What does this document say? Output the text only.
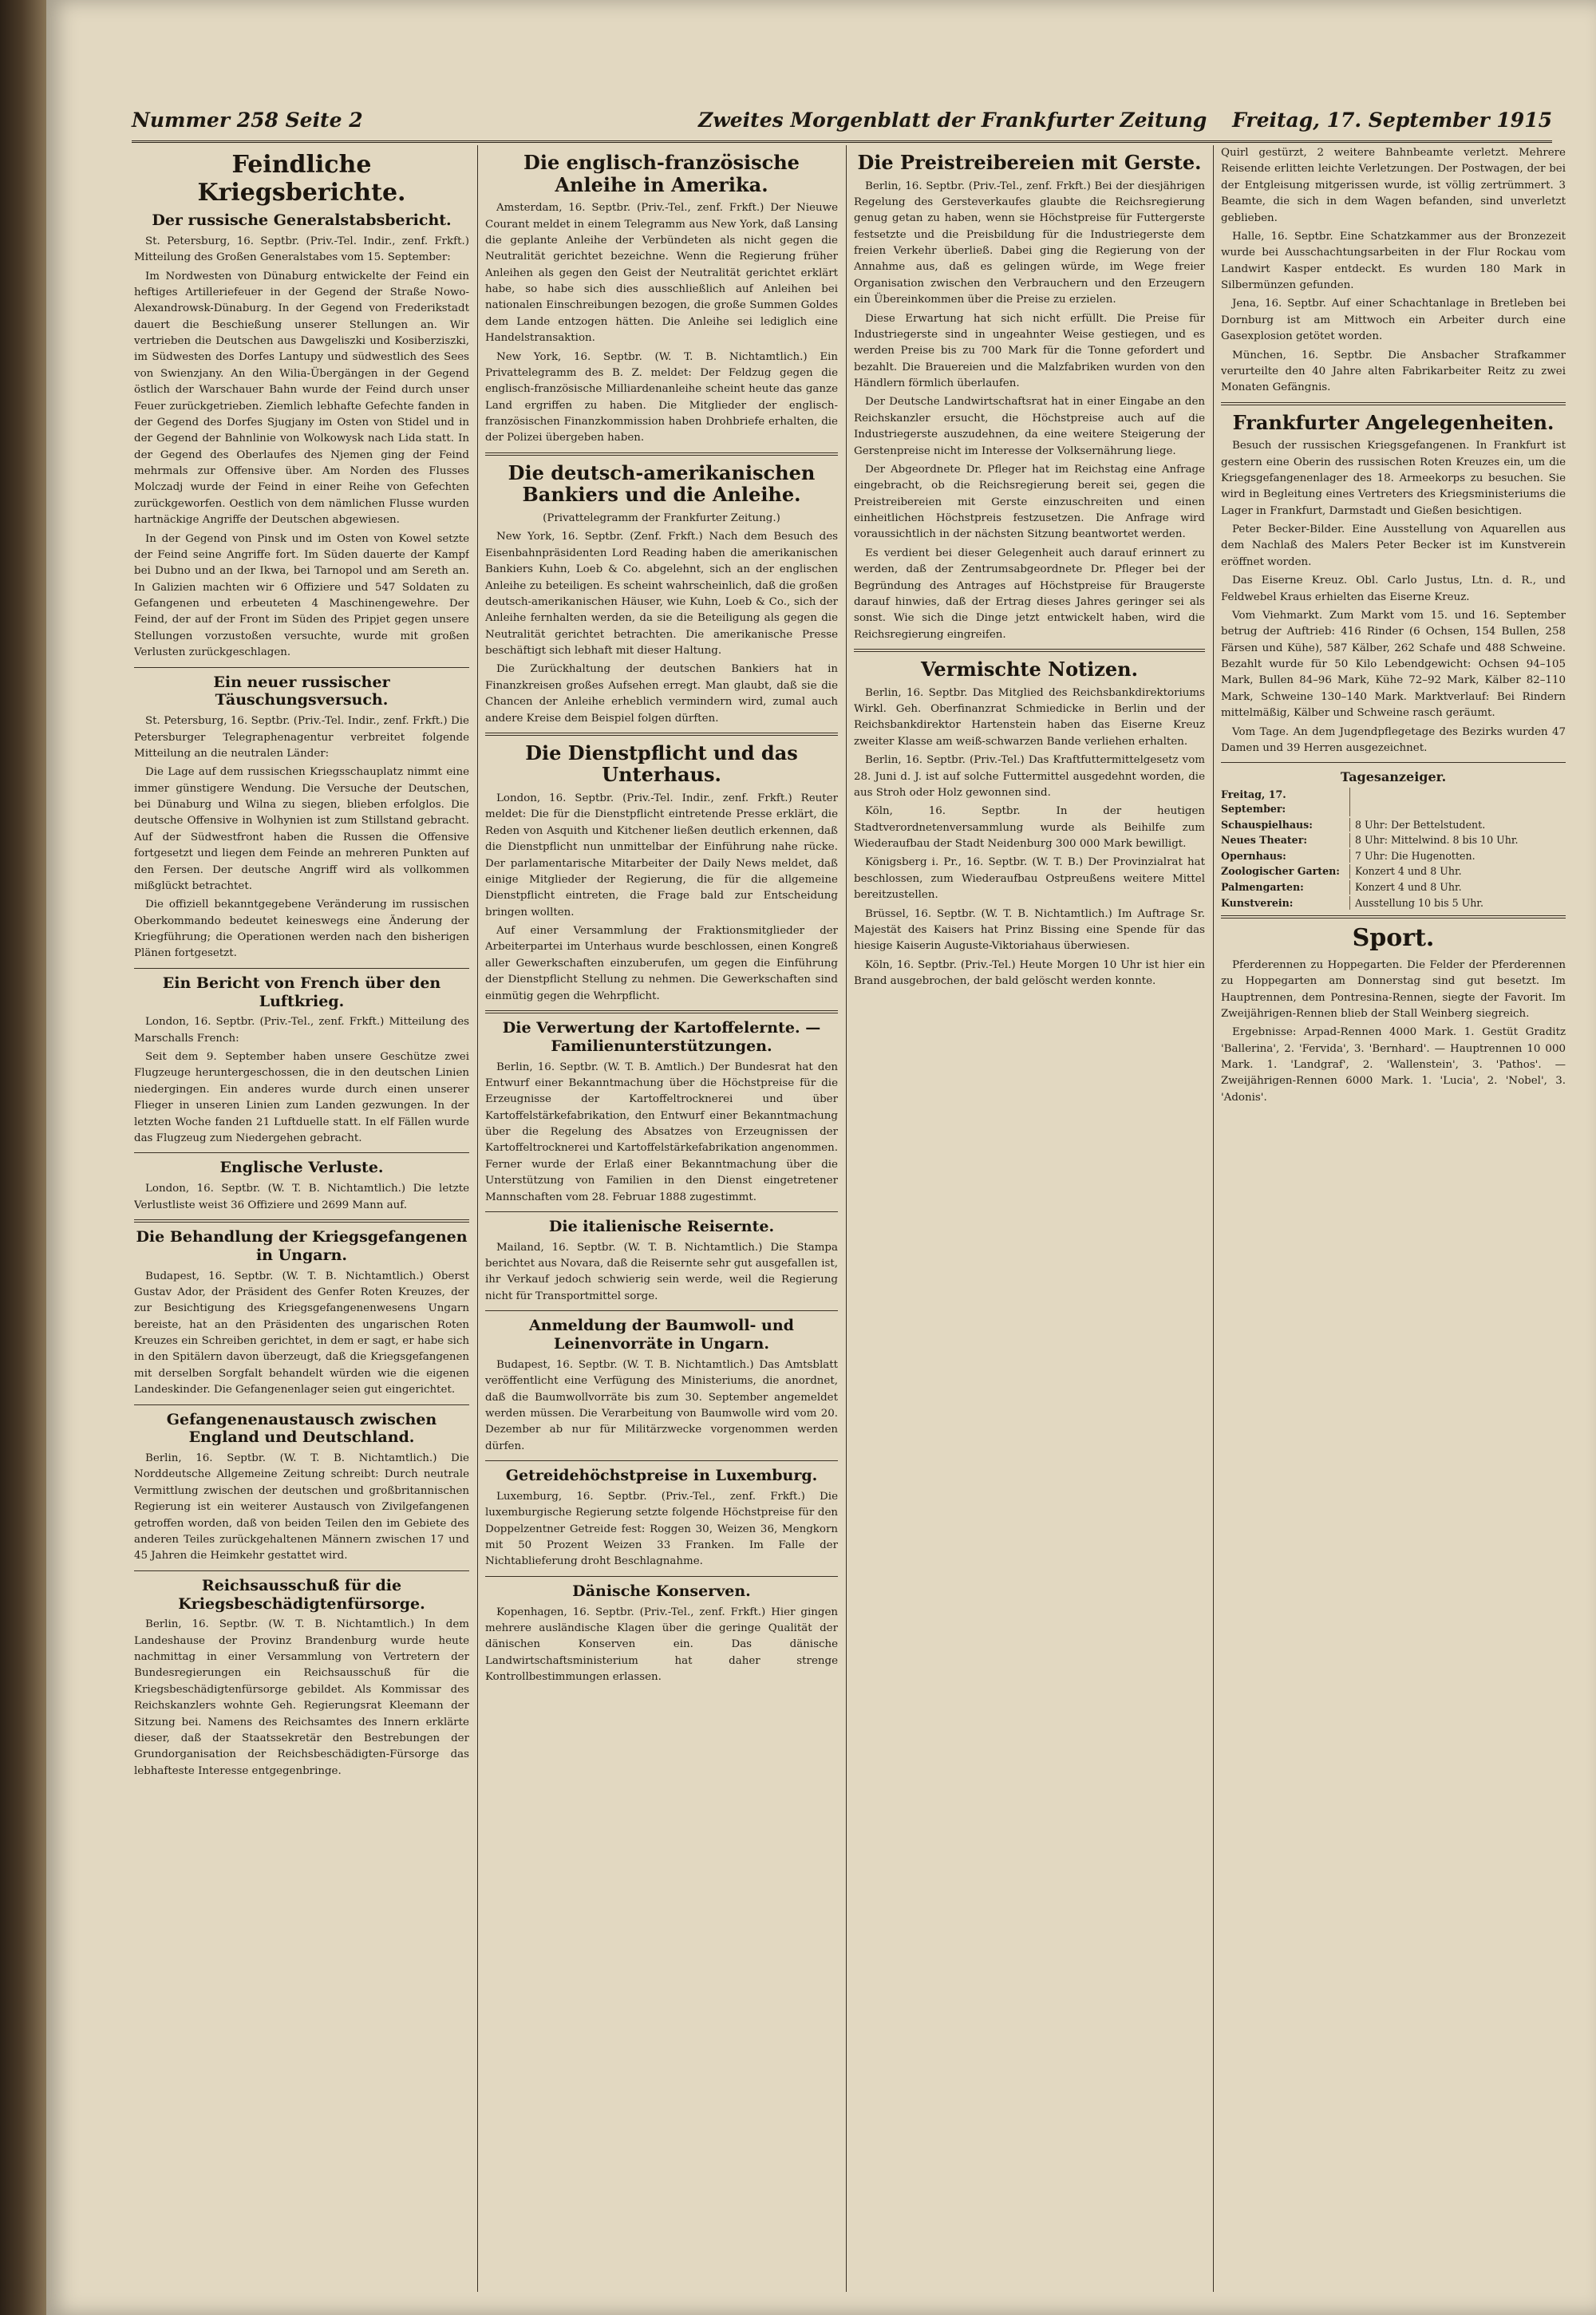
Nummer 258 Seite 2	Zweites Morgenblatt der Frankfurter Zeitung Freitag, 17. September 1915
Feindliche Kriegsberichte.
Der russische Generalstabsbericht.

St. Petersburg, 16. Septbr. (Priv.-Tel. Indir., zenf. Frkft.) Mitteilung des Großen Generalstabes vom 15. September:

Im Nordwesten von Dünaburg entwickelte der Feind ein heftiges Artilleriefeuer in der Gegend der Straße Nowo-Alexandrowsk-Dünaburg. In der Gegend von Frederikstadt dauert die Beschießung unserer Stellungen an. Wir vertrieben die Deutschen aus Dawgeliszki und Kosiberziszki, im Südwesten des Dorfes Lantupy und südwestlich des Sees von Swienzjany. An den Wilia-Übergängen in der Gegend östlich der Warschauer Bahn wurde der Feind durch unser Feuer zurückgetrieben. Ziemlich lebhafte Gefechte fanden in der Gegend des Dorfes Sjugjany im Osten von Stidel und in der Gegend der Bahnlinie von Wolkowysk nach Lida statt. In der Gegend des Oberlaufes des Njemen ging der Feind mehrmals zur Offensive über. Am Norden des Flusses Molczadj wurde der Feind in einer Reihe von Gefechten zurückgeworfen. Oestlich von dem nämlichen Flusse wurden hartnäckige Angriffe der Deutschen abgewiesen.

In der Gegend von Pinsk und im Osten von Kowel setzte der Feind seine Angriffe fort. Im Süden dauerte der Kampf bei Dubno und an der Ikwa, bei Tarnopol und am Sereth an. In Galizien machten wir 6 Offiziere und 547 Soldaten zu Gefangenen und erbeuteten 4 Maschinengewehre. Der Feind, der auf der Front im Süden des Pripjet gegen unsere Stellungen vorzustoßen versuchte, wurde mit großen Verlusten zurückgeschlagen.

Ein neuer russischer Täuschungsversuch.

St. Petersburg, 16. Septbr. (Priv.-Tel. Indir., zenf. Frkft.) Die Petersburger Telegraphenagentur verbreitet folgende Mitteilung an die neutralen Länder:

Die Lage auf dem russischen Kriegsschauplatz nimmt eine immer günstigere Wendung. Die Versuche der Deutschen, bei Dünaburg und Wilna zu siegen, blieben erfolglos. Die deutsche Offensive in Wolhynien ist zum Stillstand gebracht. Auf der Südwestfront haben die Russen die Offensive fortgesetzt und liegen dem Feinde an mehreren Punkten auf den Fersen. Der deutsche Angriff wird als vollkommen mißglückt betrachtet.

Die offiziell bekanntgegebene Veränderung im russischen Oberkommando bedeutet keineswegs eine Änderung der Kriegführung; die Operationen werden nach den bisherigen Plänen fortgesetzt.

Ein Bericht von French über den Luftkrieg.

London, 16. Septbr. (Priv.-Tel., zenf. Frkft.) Mitteilung des Marschalls French:

Seit dem 9. September haben unsere Geschütze zwei Flugzeuge heruntergeschossen, die in den deutschen Linien niedergingen. Ein anderes wurde durch einen unserer Flieger in unseren Linien zum Landen gezwungen. In der letzten Woche fanden 21 Luftduelle statt. In elf Fällen wurde das Flugzeug zum Niedergehen gebracht.

Englische Verluste.

London, 16. Septbr. (W. T. B. Nichtamtlich.) Die letzte Verlustliste weist 36 Offiziere und 2699 Mann auf.

Die Behandlung der Kriegsgefangenen in Ungarn.

Budapest, 16. Septbr. (W. T. B. Nichtamtlich.) Oberst Gustav Ador, der Präsident des Genfer Roten Kreuzes, der zur Besichtigung des Kriegsgefangenenwesens Ungarn bereiste, hat an den Präsidenten des ungarischen Roten Kreuzes ein Schreiben gerichtet, in dem er sagt, er habe sich in den Spitälern davon überzeugt, daß die Kriegsgefangenen mit derselben Sorgfalt behandelt würden wie die eigenen Landeskinder. Die Gefangenenlager seien gut eingerichtet.

Gefangenenaustausch zwischen England und Deutschland.

Berlin, 16. Septbr. (W. T. B. Nichtamtlich.) Die Norddeutsche Allgemeine Zeitung schreibt: Durch neutrale Vermittlung zwischen der deutschen und großbritannischen Regierung ist ein weiterer Austausch von Zivilgefangenen getroffen worden, daß von beiden Teilen den im Gebiete des anderen Teiles zurückgehaltenen Männern zwischen 17 und 45 Jahren die Heimkehr gestattet wird.

Reichsausschuß für die Kriegsbeschädigtenfürsorge.

Berlin, 16. Septbr. (W. T. B. Nichtamtlich.) In dem Landeshause der Provinz Brandenburg wurde heute nachmittag in einer Versammlung von Vertretern der Bundesregierungen ein Reichsausschuß für die Kriegsbeschädigtenfürsorge gebildet. Als Kommissar des Reichskanzlers wohnte Geh. Regierungsrat Kleemann der Sitzung bei. Namens des Reichsamtes des Innern erklärte dieser, daß der Staatssekretär den Bestrebungen der Grundorganisation der Reichsbeschädigten-Fürsorge das lebhafteste Interesse entgegenbringe.

Die englisch-französische Anleihe in Amerika.

Amsterdam, 16. Septbr. (Priv.-Tel., zenf. Frkft.) Der Nieuwe Courant meldet in einem Telegramm aus New York, daß Lansing die geplante Anleihe der Verbündeten als nicht gegen die Neutralität gerichtet bezeichne. Wenn die Regierung früher Anleihen als gegen den Geist der Neutralität gerichtet erklärt habe, so habe sich dies ausschließlich auf Anleihen bei nationalen Einschreibungen bezogen, die große Summen Goldes dem Lande entzogen hätten. Die Anleihe sei lediglich eine Handelstransaktion.

New York, 16. Septbr. (W. T. B. Nichtamtlich.) Ein Privattelegramm des B. Z. meldet: Der Feldzug gegen die englisch-französische Milliardenanleihe scheint heute das ganze Land ergriffen zu haben. Die Mitglieder der englisch-französischen Finanzkommission haben Drohbriefe erhalten, die der Polizei übergeben haben.

Die deutsch-amerikanischen Bankiers und die Anleihe.

(Privattelegramm der Frankfurter Zeitung.)

New York, 16. Septbr. (Zenf. Frkft.) Nach dem Besuch des Eisenbahnpräsidenten Lord Reading haben die amerikanischen Bankiers Kuhn, Loeb & Co. abgelehnt, sich an der englischen Anleihe zu beteiligen. Es scheint wahrscheinlich, daß die großen deutsch-amerikanischen Häuser, wie Kuhn, Loeb & Co., sich der Anleihe fernhalten werden, da sie die Beteiligung als gegen die Neutralität gerichtet betrachten. Die amerikanische Presse beschäftigt sich lebhaft mit dieser Haltung.

Die Zurückhaltung der deutschen Bankiers hat in Finanzkreisen großes Aufsehen erregt. Man glaubt, daß sie die Chancen der Anleihe erheblich vermindern wird, zumal auch andere Kreise dem Beispiel folgen dürften.

Die Dienstpflicht und das Unterhaus.

London, 16. Septbr. (Priv.-Tel. Indir., zenf. Frkft.) Reuter meldet: Die für die Dienstpflicht eintretende Presse erklärt, die Reden von Asquith und Kitchener ließen deutlich erkennen, daß die Dienstpflicht nun unmittelbar der Einführung nahe rücke. Der parlamentarische Mitarbeiter der Daily News meldet, daß einige Mitglieder der Regierung, die für die allgemeine Dienstpflicht eintreten, die Frage bald zur Entscheidung bringen wollten.

Auf einer Versammlung der Fraktionsmitglieder der Arbeiterpartei im Unterhaus wurde beschlossen, einen Kongreß aller Gewerkschaften einzuberufen, um gegen die Einführung der Dienstpflicht Stellung zu nehmen. Die Gewerkschaften sind einmütig gegen die Wehrpflicht.

Die Verwertung der Kartoffelernte. — Familienunterstützungen.

Berlin, 16. Septbr. (W. T. B. Amtlich.) Der Bundesrat hat den Entwurf einer Bekanntmachung über die Höchstpreise für die Erzeugnisse der Kartoffeltrocknerei und über Kartoffelstärkefabrikation, den Entwurf einer Bekanntmachung über die Regelung des Absatzes von Erzeugnissen der Kartoffeltrocknerei und Kartoffelstärkefabrikation angenommen. Ferner wurde der Erlaß einer Bekanntmachung über die Unterstützung von Familien in den Dienst eingetretener Mannschaften vom 28. Februar 1888 zugestimmt.

Die italienische Reisernte.

Mailand, 16. Septbr. (W. T. B. Nichtamtlich.) Die Stampa berichtet aus Novara, daß die Reisernte sehr gut ausgefallen ist, ihr Verkauf jedoch schwierig sein werde, weil die Regierung nicht für Transportmittel sorge.

Anmeldung der Baumwoll- und Leinenvorräte in Ungarn.

Budapest, 16. Septbr. (W. T. B. Nichtamtlich.) Das Amtsblatt veröffentlicht eine Verfügung des Ministeriums, die anordnet, daß die Baumwollvorräte bis zum 30. September angemeldet werden müssen. Die Verarbeitung von Baumwolle wird vom 20. Dezember ab nur für Militärzwecke vorgenommen werden dürfen.

Getreidehöchstpreise in Luxemburg.

Luxemburg, 16. Septbr. (Priv.-Tel., zenf. Frkft.) Die luxemburgische Regierung setzte folgende Höchstpreise für den Doppelzentner Getreide fest: Roggen 30, Weizen 36, Mengkorn mit 50 Prozent Weizen 33 Franken. Im Falle der Nichtablieferung droht Beschlagnahme.

Dänische Konserven.

Kopenhagen, 16. Septbr. (Priv.-Tel., zenf. Frkft.) Hier gingen mehrere ausländische Klagen über die geringe Qualität der dänischen Konserven ein. Das dänische Landwirtschaftsministerium hat daher strenge Kontrollbestimmungen erlassen.

Die Preistreibereien mit Gerste.

Berlin, 16. Septbr. (Priv.-Tel., zenf. Frkft.) Bei der diesjährigen Regelung des Gersteverkaufes glaubte die Reichsregierung genug getan zu haben, wenn sie Höchstpreise für Futtergerste festsetzte und die Preisbildung für die Industriegerste dem freien Verkehr überließ. Dabei ging die Regierung von der Annahme aus, daß es gelingen würde, im Wege freier Organisation zwischen den Verbrauchern und den Erzeugern ein Übereinkommen über die Preise zu erzielen.

Diese Erwartung hat sich nicht erfüllt. Die Preise für Industriegerste sind in ungeahnter Weise gestiegen, und es werden Preise bis zu 700 Mark für die Tonne gefordert und bezahlt. Die Brauereien und die Malzfabriken wurden von den Händlern förmlich überlaufen.

Der Deutsche Landwirtschaftsrat hat in einer Eingabe an den Reichskanzler ersucht, die Höchstpreise auch auf die Industriegerste auszudehnen, da eine weitere Steigerung der Gerstenpreise nicht im Interesse der Volksernährung liege.

Der Abgeordnete Dr. Pfleger hat im Reichstag eine Anfrage eingebracht, ob die Reichsregierung bereit sei, gegen die Preistreibereien mit Gerste einzuschreiten und einen einheitlichen Höchstpreis festzusetzen. Die Anfrage wird voraussichtlich in der nächsten Sitzung beantwortet werden.

Es verdient bei dieser Gelegenheit auch darauf erinnert zu werden, daß der Zentrumsabgeordnete Dr. Pfleger bei der Begründung des Antrages auf Höchstpreise für Braugerste darauf hinwies, daß der Ertrag dieses Jahres geringer sei als sonst. Wie sich die Dinge jetzt entwickelt haben, wird die Reichsregierung eingreifen.

Vermischte Notizen.

Berlin, 16. Septbr. Das Mitglied des Reichsbankdirektoriums Wirkl. Geh. Oberfinanzrat Schmiedicke in Berlin und der Reichsbankdirektor Hartenstein haben das Eiserne Kreuz zweiter Klasse am weiß-schwarzen Bande verliehen erhalten.

Berlin, 16. Septbr. (Priv.-Tel.) Das Kraftfuttermittelgesetz vom 28. Juni d. J. ist auf solche Futtermittel ausgedehnt worden, die aus Stroh oder Holz gewonnen sind.

Köln, 16. Septbr. In der heutigen Stadtverordnetenversammlung wurde als Beihilfe zum Wiederaufbau der Stadt Neidenburg 300 000 Mark bewilligt.

Königsberg i. Pr., 16. Septbr. (W. T. B.) Der Provinzialrat hat beschlossen, zum Wiederaufbau Ostpreußens weitere Mittel bereitzustellen.

Brüssel, 16. Septbr. (W. T. B. Nichtamtlich.) Im Auftrage Sr. Majestät des Kaisers hat Prinz Bissing eine Spende für das hiesige Kaiserin Auguste-Viktoriahaus überwiesen.

Köln, 16. Septbr. (Priv.-Tel.) Heute Morgen 10 Uhr ist hier ein Brand ausgebrochen, der bald gelöscht werden konnte.

Quirl gestürzt, 2 weitere Bahnbeamte verletzt. Mehrere Reisende erlitten leichte Verletzungen. Der Postwagen, der bei der Entgleisung mitgerissen wurde, ist völlig zertrümmert. 3 Beamte, die sich in dem Wagen befanden, sind unverletzt geblieben.

Halle, 16. Septbr. Eine Schatzkammer aus der Bronzezeit wurde bei Ausschachtungsarbeiten in der Flur Rockau vom Landwirt Kasper entdeckt. Es wurden 180 Mark in Silbermünzen gefunden.

Jena, 16. Septbr. Auf einer Schachtanlage in Bretleben bei Dornburg ist am Mittwoch ein Arbeiter durch eine Gasexplosion getötet worden.

München, 16. Septbr. Die Ansbacher Strafkammer verurteilte den 40 Jahre alten Fabrikarbeiter Reitz zu zwei Monaten Gefängnis.

Frankfurter Angelegenheiten.

Besuch der russischen Kriegsgefangenen. In Frankfurt ist gestern eine Oberin des russischen Roten Kreuzes ein, um die Kriegsgefangenenlager des 18. Armeekorps zu besuchen. Sie wird in Begleitung eines Vertreters des Kriegsministeriums die Lager in Frankfurt, Darmstadt und Gießen besichtigen.

Peter Becker-Bilder. Eine Ausstellung von Aquarellen aus dem Nachlaß des Malers Peter Becker ist im Kunstverein eröffnet worden.

Das Eiserne Kreuz. Obl. Carlo Justus, Ltn. d. R., und Feldwebel Kraus erhielten das Eiserne Kreuz.

Vom Viehmarkt. Zum Markt vom 15. und 16. September betrug der Auftrieb: 416 Rinder (6 Ochsen, 154 Bullen, 258 Färsen und Kühe), 587 Kälber, 262 Schafe und 488 Schweine. Bezahlt wurde für 50 Kilo Lebendgewicht: Ochsen 94–105 Mark, Bullen 84–96 Mark, Kühe 72–92 Mark, Kälber 82–110 Mark, Schweine 130–140 Mark. Marktverlauf: Bei Rindern mittelmäßig, Kälber und Schweine rasch geräumt.

Vom Tage. An dem Jugendpflegetage des Bezirks wurden 47 Damen und 39 Herren ausgezeichnet.

Tagesanzeiger.
Freitag, 17. September:
Schauspielhaus:	8 Uhr: Der Bettelstudent.
Neues Theater:	8 Uhr: Mittelwind. 8 bis 10 Uhr.
Opernhaus:	7 Uhr: Die Hugenotten.
Zoologischer Garten:	Konzert 4 und 8 Uhr.
Palmengarten:	Konzert 4 und 8 Uhr.
Kunstverein:	Ausstellung 10 bis 5 Uhr.
Sport.

Pferderennen zu Hoppegarten. Die Felder der Pferderennen zu Hoppegarten am Donnerstag sind gut besetzt. Im Hauptrennen, dem Pontresina-Rennen, siegte der Favorit. Im Zweijährigen-Rennen blieb der Stall Weinberg siegreich.

Ergebnisse: Arpad-Rennen 4000 Mark. 1. Gestüt Graditz 'Ballerina', 2. 'Fervida', 3. 'Bernhard'. — Hauptrennen 10 000 Mark. 1. 'Landgraf', 2. 'Wallenstein', 3. 'Pathos'. — Zweijährigen-Rennen 6000 Mark. 1. 'Lucia', 2. 'Nobel', 3. 'Adonis'.
